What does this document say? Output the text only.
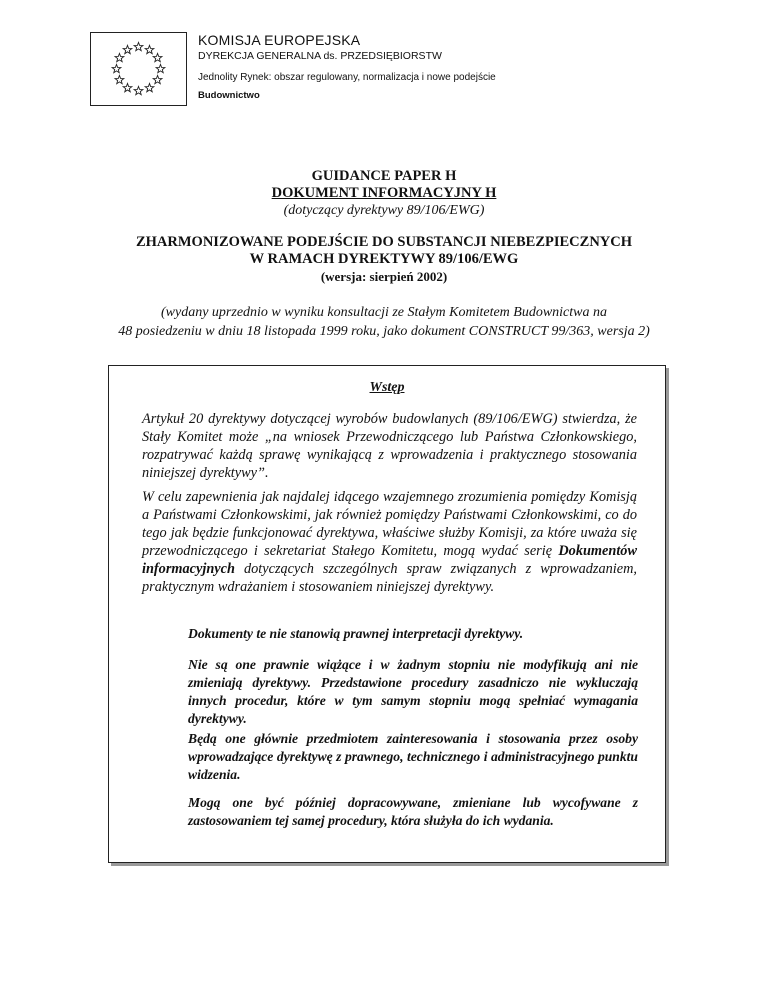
KOMISJA EUROPEJSKA
DYREKCJA GENERALNA ds. PRZEDSIĘBIORSTW
Jednolity Rynek: obszar regulowany, normalizacja i nowe podejście
Budownictwo
GUIDANCE PAPER H
DOKUMENT INFORMACYJNY H
(dotyczący dyrektywy 89/106/EWG)
ZHARMONIZOWANE PODEJŚCIE DO SUBSTANCJI NIEBEZPIECZNYCH
W RAMACH DYREKTYWY 89/106/EWG
(wersja: sierpień 2002)
(wydany uprzednio w wyniku konsultacji ze Stałym Komitetem Budownictwa na
48 posiedzeniu w dniu 18 listopada 1999 roku, jako dokument CONSTRUCT 99/363, wersja 2)
Wstęp
Artykuł 20 dyrektywy dotyczącej wyrobów budowlanych (89/106/EWG) stwierdza, że Stały Komitet może „na wniosek Przewodniczącego lub Państwa Członkowskiego, rozpatrywać każdą sprawę wynikającą z wprowadzenia i praktycznego stosowania niniejszej dyrektywy”.
W celu zapewnienia jak najdalej idącego wzajemnego zrozumienia pomiędzy Komisją a Państwami Członkowskimi, jak również pomiędzy Państwami Członkowskimi, co do tego jak będzie funkcjonować dyrektywa, właściwe służby Komisji, za które uważa się przewodniczącego i sekretariat Stałego Komitetu, mogą wydać serię Dokumentów informacyjnych dotyczących szczególnych spraw związanych z wprowadzaniem, praktycznym wdrażaniem i stosowaniem niniejszej dyrektywy.
Dokumenty te nie stanowią prawnej interpretacji dyrektywy.
Nie są one prawnie wiążące i w żadnym stopniu nie modyfikują ani nie zmieniają dyrektywy. Przedstawione procedury zasadniczo nie wykluczają innych procedur, które w tym samym stopniu mogą spełniać wymagania dyrektywy.
Będą one głównie przedmiotem zainteresowania i stosowania przez osoby wprowadzające dyrektywę z prawnego, technicznego i administracyjnego punktu widzenia.
Mogą one być później dopracowywane, zmieniane lub wycofywane z zastosowaniem tej samej procedury, która służyła do ich wydania.
